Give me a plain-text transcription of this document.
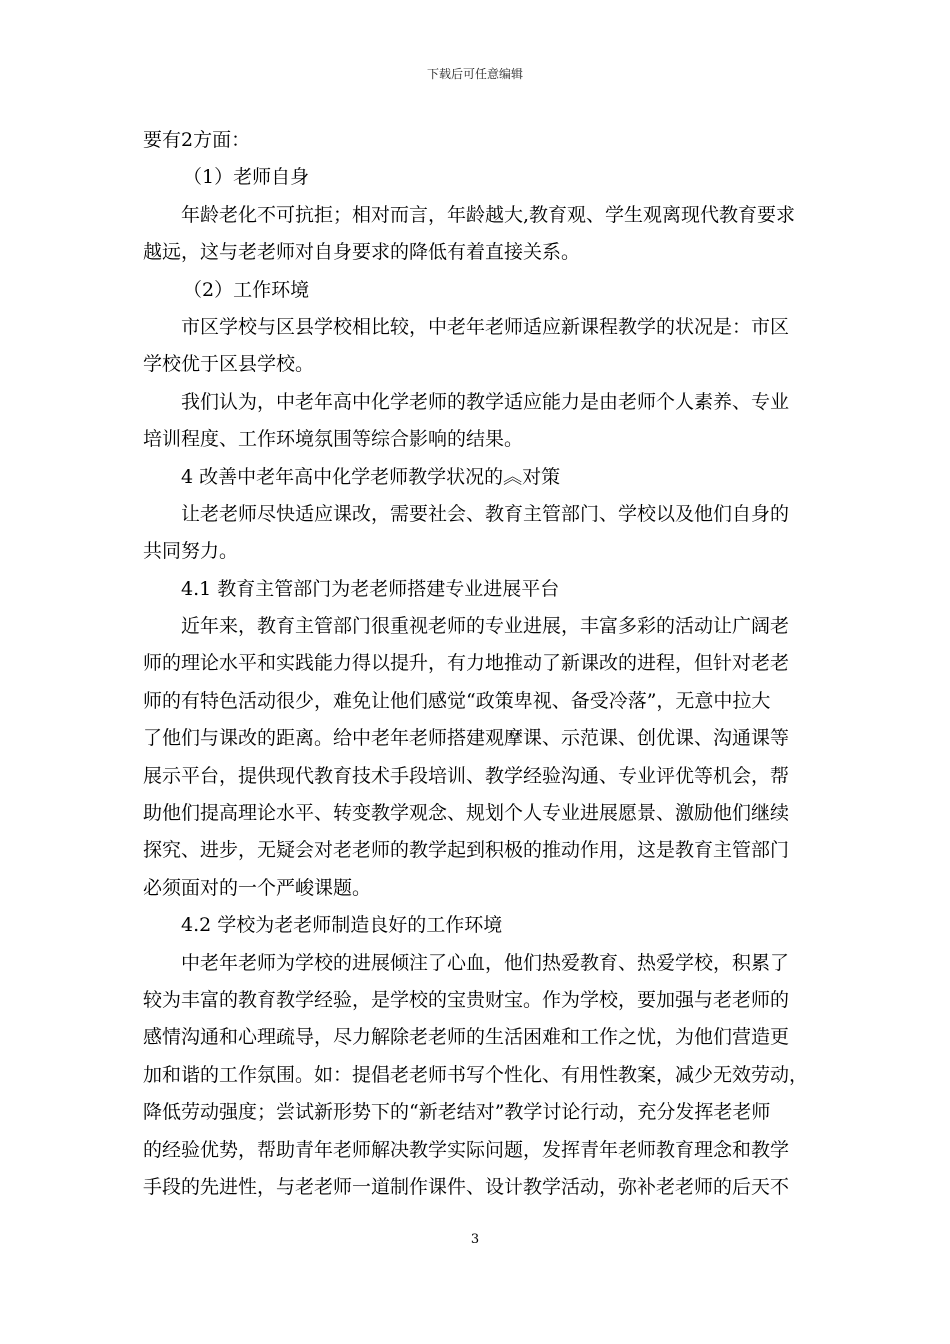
下载后可任意编辑
要有2方面：
（1）老师自身
年龄老化不可抗拒；相对而言，年龄越大,教育观、学生观离现代教育要求
越远，这与老老师对自身要求的降低有着直接关系。
（2）工作环境
市区学校与区县学校相比较，中老年老师适应新课程教学的状况是：市区
学校优于区县学校。
我们认为，中老年高中化学老师的教学适应能力是由老师个人素养、专业
培训程度、工作环境氛围等综合影响的结果。
4 改善中老年高中化学老师教学状况的︽对策
让老老师尽快适应课改，需要社会、教育主管部门、学校以及他们自身的
共同努力。
4.1 教育主管部门为老老师搭建专业进展平台
近年来，教育主管部门很重视老师的专业进展，丰富多彩的活动让广阔老
师的理论水平和实践能力得以提升，有力地推动了新课改的进程，但针对老老
师的有特色活动很少，难免让他们感觉“政策卑视、备受冷落”，无意中拉大
了他们与课改的距离。给中老年老师搭建观摩课、示范课、创优课、沟通课等
展示平台，提供现代教育技术手段培训、教学经验沟通、专业评优等机会，帮
助他们提高理论水平、转变教学观念、规划个人专业进展愿景、激励他们继续
探究、进步，无疑会对老老师的教学起到积极的推动作用，这是教育主管部门
必须面对的一个严峻课题。
4.2 学校为老老师制造良好的工作环境
中老年老师为学校的进展倾注了心血，他们热爱教育、热爱学校，积累了
较为丰富的教育教学经验，是学校的宝贵财宝。作为学校，要加强与老老师的
感情沟通和心理疏导，尽力解除老老师的生活困难和工作之忧，为他们营造更
加和谐的工作氛围。如：提倡老老师书写个性化、有用性教案，减少无效劳动，
降低劳动强度；尝试新形势下的“新老结对”教学讨论行动，充分发挥老老师
的经验优势，帮助青年老师解决教学实际问题，发挥青年老师教育理念和教学
手段的先进性，与老老师一道制作课件、设计教学活动，弥补老老师的后天不
3
